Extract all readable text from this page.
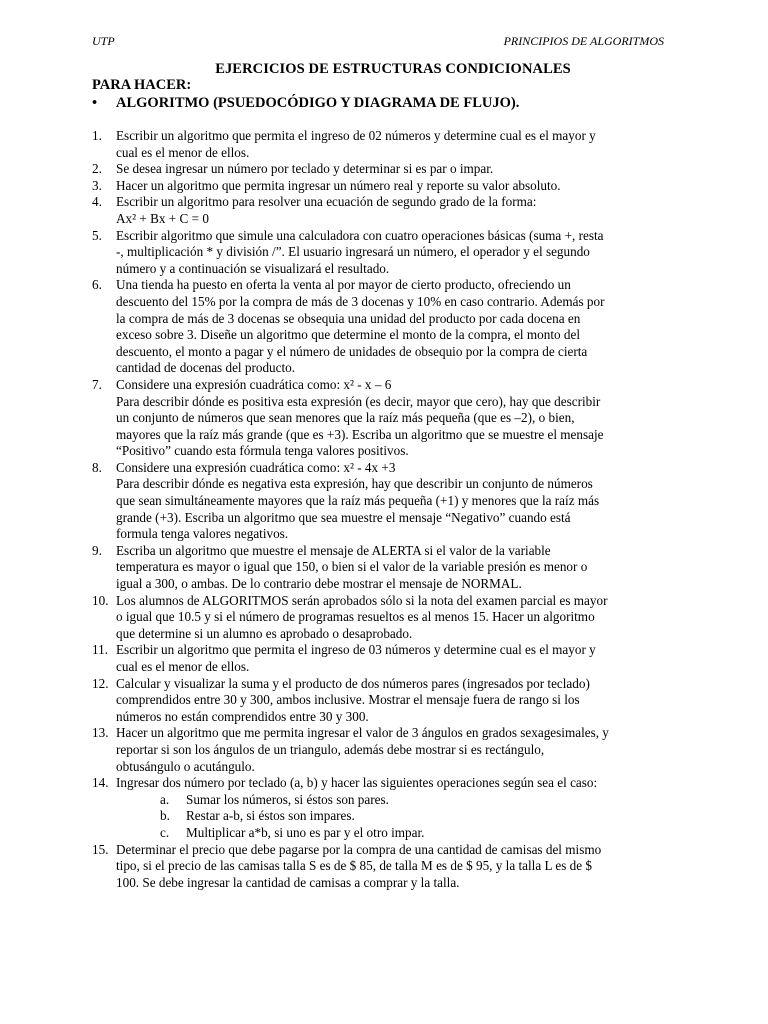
UTP	PRINCIPIOS DE ALGORITMOS
EJERCICIOS DE ESTRUCTURAS CONDICIONALES
PARA HACER:
• ALGORITMO (PSUEDOCÓDIGO Y DIAGRAMA DE FLUJO).
1. Escribir un algoritmo que permita el ingreso de 02 números y determine cual es el mayor y
cual es el menor de ellos.
2. Se desea ingresar un número por teclado y determinar si es par o impar.
3. Hacer un algoritmo que permita ingresar un número real y reporte su valor absoluto.
4. Escribir un algoritmo para resolver una ecuación de segundo grado de la forma:
Ax² + Bx + C = 0
5. Escribir algoritmo que simule una calculadora con cuatro operaciones básicas (suma +, resta
-, multiplicación * y división /”. El usuario ingresará un número, el operador y el segundo
número y a continuación se visualizará el resultado.
6. Una tienda ha puesto en oferta la venta al por mayor de cierto producto, ofreciendo un
descuento del 15% por la compra de más de 3 docenas y 10% en caso contrario. Además por
la compra de más de 3 docenas se obsequia una unidad del producto por cada docena en
exceso sobre 3. Diseñe un algoritmo que determine el monto de la compra, el monto del
descuento, el monto a pagar y el número de unidades de obsequio por la compra de cierta
cantidad de docenas del producto.
7. Considere una expresión cuadrática como: x² - x – 6
Para describir dónde es positiva esta expresión (es decir, mayor que cero), hay que describir
un conjunto de números que sean menores que la raíz más pequeña (que es –2), o bien,
mayores que la raíz más grande (que es +3). Escriba un algoritmo que se muestre el mensaje
“Positivo” cuando esta fórmula tenga valores positivos.
8. Considere una expresión cuadrática como: x² - 4x +3
Para describir dónde es negativa esta expresión, hay que describir un conjunto de números
que sean simultáneamente mayores que la raíz más pequeña (+1) y menores que la raíz más
grande (+3). Escriba un algoritmo que sea muestre el mensaje “Negativo” cuando está
formula tenga valores negativos.
9. Escriba un algoritmo que muestre el mensaje de ALERTA si el valor de la variable
temperatura es mayor o igual que 150, o bien si el valor de la variable presión es menor o
igual a 300, o ambas. De lo contrario debe mostrar el mensaje de NORMAL.
10. Los alumnos de ALGORITMOS serán aprobados sólo si la nota del examen parcial es mayor
o igual que 10.5 y si el número de programas resueltos es al menos 15. Hacer un algoritmo
que determine si un alumno es aprobado o desaprobado.
11. Escribir un algoritmo que permita el ingreso de 03 números y determine cual es el mayor y
cual es el menor de ellos.
12. Calcular y visualizar la suma y el producto de dos números pares (ingresados por teclado)
comprendidos entre 30 y 300, ambos inclusive. Mostrar el mensaje fuera de rango si los
números no están comprendidos entre 30 y 300.
13. Hacer un algoritmo que me permita ingresar el valor de 3 ángulos en grados sexagesimales, y
reportar si son los ángulos de un triangulo, además debe mostrar si es rectángulo,
obtusángulo o acutángulo.
14. Ingresar dos número por teclado (a, b) y hacer las siguientes operaciones según sea el caso:
a. Sumar los números, si éstos son pares.
b. Restar a-b, si éstos son impares.
c. Multiplicar a*b, si uno es par y el otro impar.
15. Determinar el precio que debe pagarse por la compra de una cantidad de camisas del mismo
tipo, si el precio de las camisas talla S es de $ 85, de talla M es de $ 95, y la talla L es de $
100. Se debe ingresar la cantidad de camisas a comprar y la talla.
